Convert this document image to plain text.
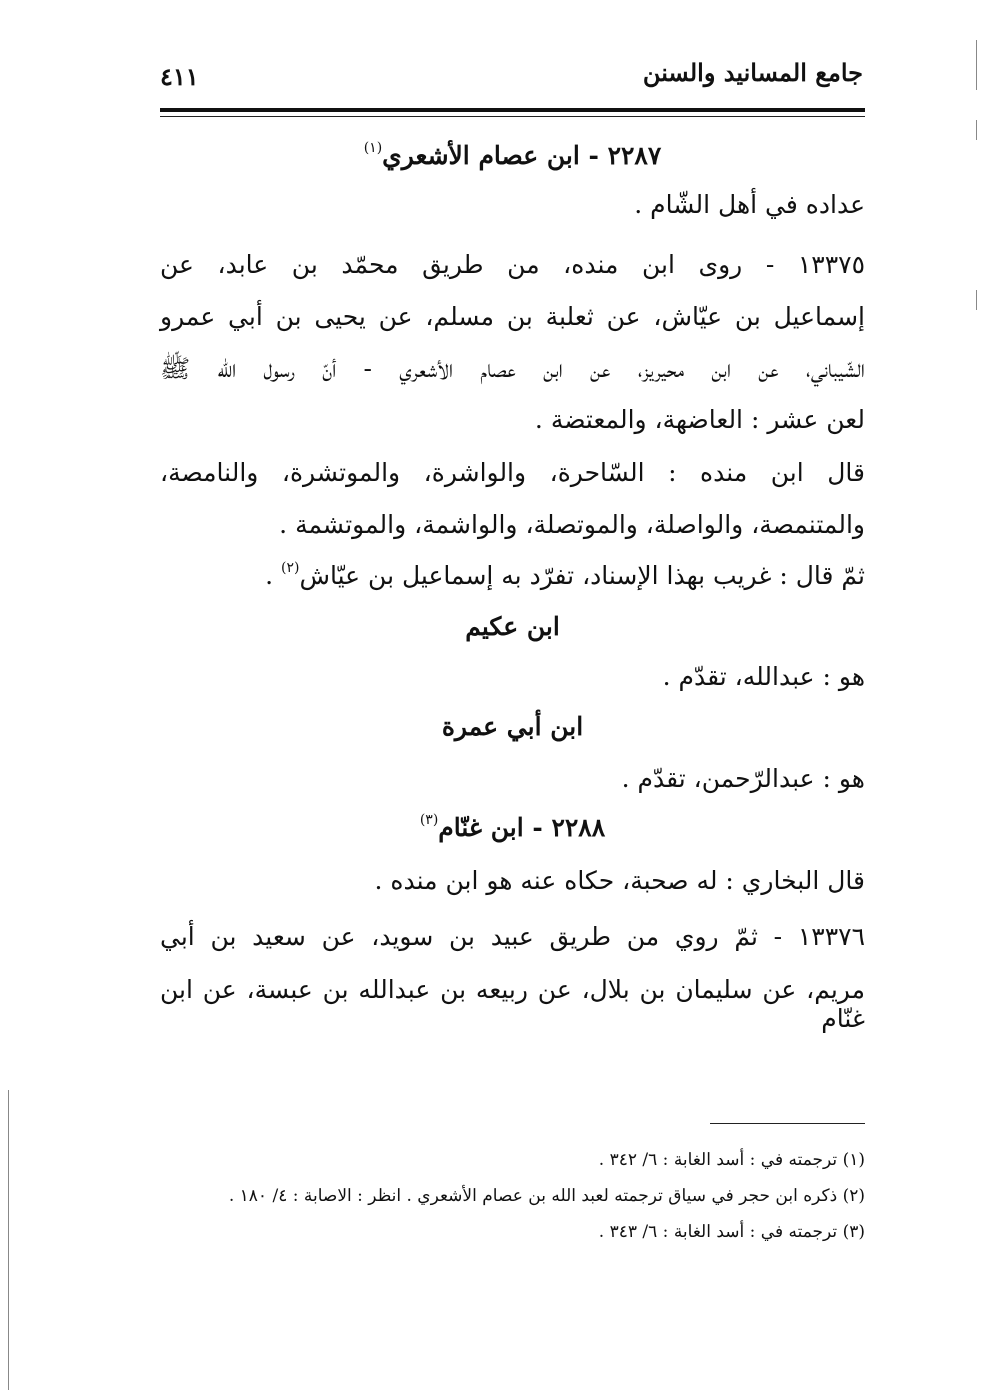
جامع المسانيد والسنن
٤١١
٢٢٨٧ - ابن عصام الأشعري$^{(١)}$
عداده في أهل الشّام .
١٣٣٧٥ - روى ابن منده، من طريق محمّد بن عابد، عن
إسماعيل بن عيّاش، عن ثعلبة بن مسلم، عن يحيى بن أبي عمرو
الشّيباني، عن ابن محيريز، عن ابن عصام الأشعري - أنّ رسول الله ﷺ
لعن عشر : العاضهة، والمعتضة .
قال ابن منده : السّاحرة، والواشرة، والموتشرة، والنامصة،
والمتنمصة، والواصلة، والموتصلة، والواشمة، والموتشمة .
ثمّ قال : غريب بهذا الإسناد، تفرّد به إسماعيل بن عيّاش$^{(٢)}$ .
ابن عكيم
هو : عبدالله، تقدّم .
ابن أبي عمرة
هو : عبدالرّحمن، تقدّم .
٢٢٨٨ - ابن غنّام$^{(٣)}$
قال البخاري : له صحبة، حكاه عنه هو ابن منده .
١٣٣٧٦ - ثمّ روي من طريق عبيد بن سويد، عن سعيد بن أبي
مريم، عن سليمان بن بلال، عن ربيعه بن عبدالله بن عبسة، عن ابن غنّام
(١) ترجمته في : أسد الغابة : ٦/ ٣٤٢ .
(٢) ذكره ابن حجر في سياق ترجمته لعبد الله بن عصام الأشعري . انظر : الاصابة : ٤/ ١٨٠ .
(٣) ترجمته في : أسد الغابة : ٦/ ٣٤٣ .
